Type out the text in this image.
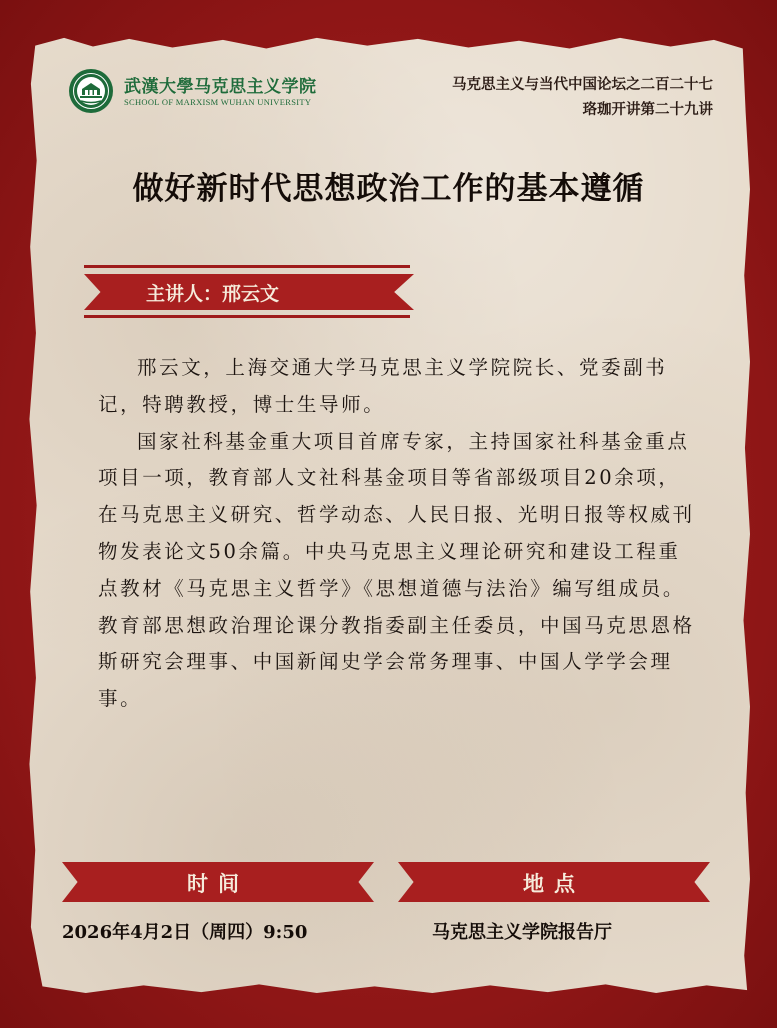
武漢大學马克思主义学院
SCHOOL OF MARXISM WUHAN UNIVERSITY
马克思主义与当代中国论坛之二百二十七
珞珈开讲第二十九讲
做好新时代思想政治工作的基本遵循
主讲人：邢云文

邢云文，上海交通大学马克思主义学院院长、党委副书记，特聘教授，博士生导师。

国家社科基金重大项目首席专家，主持国家社科基金重点项目一项，教育部人文社科基金项目等省部级项目20余项，在马克思主义研究、哲学动态、人民日报、光明日报等权威刊物发表论文50余篇。中央马克思主义理论研究和建设工程重点教材《马克思主义哲学》《思想道德与法治》编写组成员。教育部思想政治理论课分教指委副主任委员，中国马克思恩格斯研究会理事、中国新闻史学会常务理事、中国人学学会理事。

时间	地点
2026年4月2日（周四）9:50	马克思主义学院报告厅
